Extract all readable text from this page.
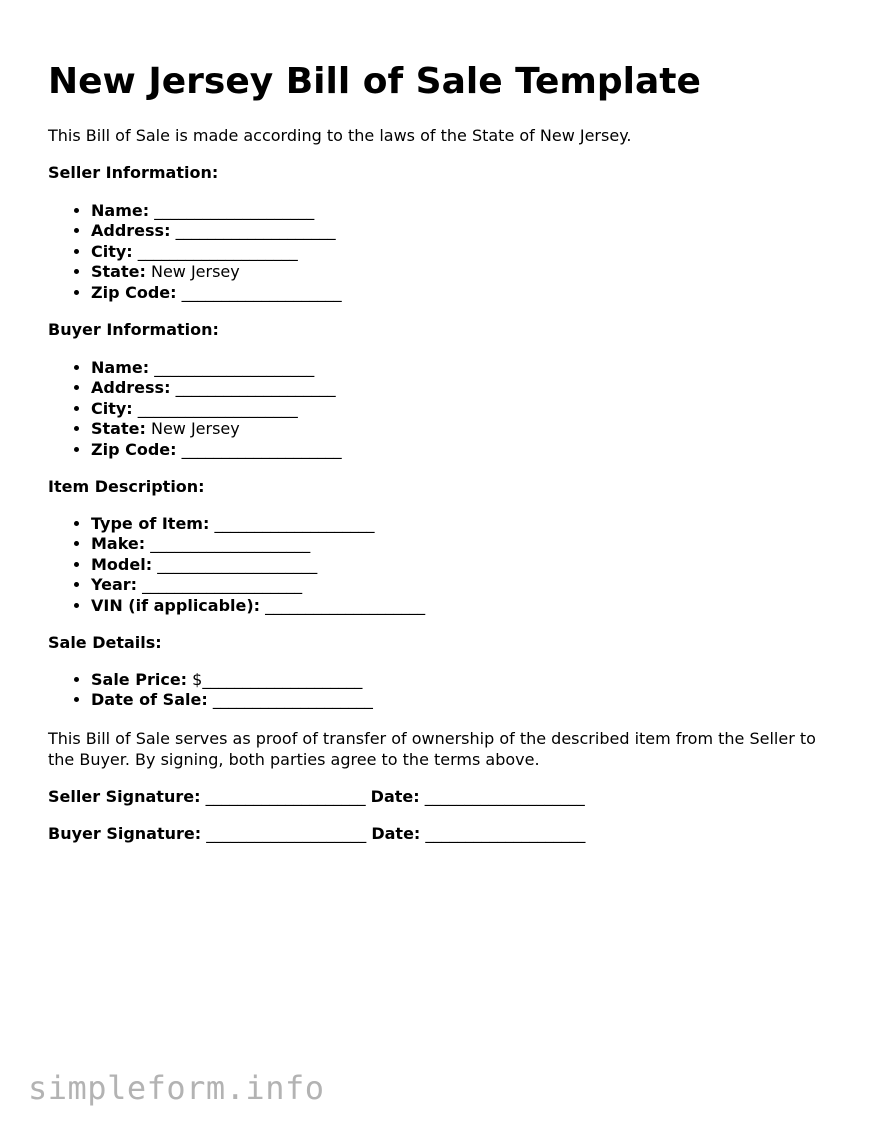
New Jersey Bill of Sale Template
This Bill of Sale is made according to the laws of the State of New Jersey.
Seller Information:
• Name: ____________________
• Address: ____________________
• City: ____________________
• State: New Jersey
• Zip Code: ____________________
Buyer Information:
• Name: ____________________
• Address: ____________________
• City: ____________________
• State: New Jersey
• Zip Code: ____________________
Item Description:
• Type of Item: ____________________
• Make: ____________________
• Model: ____________________
• Year: ____________________
• VIN (if applicable): ____________________
Sale Details:
• Sale Price: $____________________
• Date of Sale: ____________________
This Bill of Sale serves as proof of transfer of ownership of the described item from the Seller to the Buyer. By signing, both parties agree to the terms above.
Seller Signature: ____________________ Date: ____________________
Buyer Signature: ____________________ Date: ____________________
simpleform.info
